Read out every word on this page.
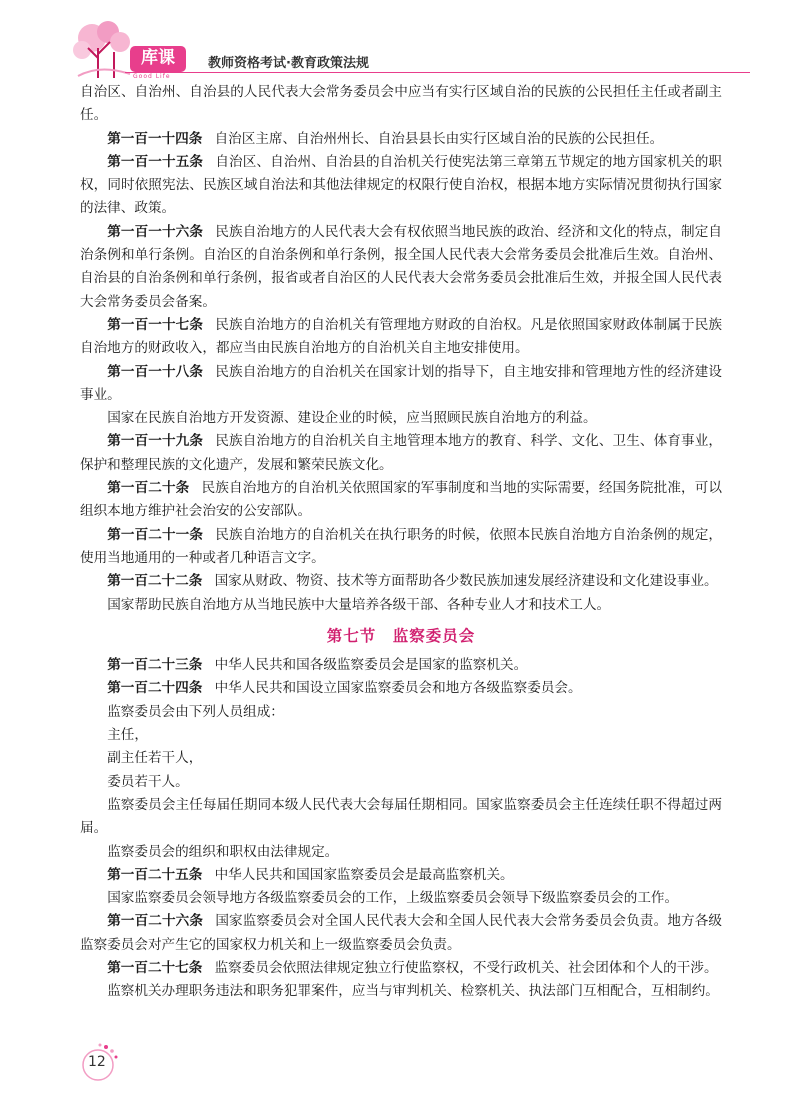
库课
Good Life
教师资格考试·教育政策法规

自治区、自治州、自治县的人民代表大会常务委员会中应当有实行区域自治的民族的公民担任主任或者副主任。

第一百一十四条 自治区主席、自治州州长、自治县县长由实行区域自治的民族的公民担任。

第一百一十五条 自治区、自治州、自治县的自治机关行使宪法第三章第五节规定的地方国家机关的职权，同时依照宪法、民族区域自治法和其他法律规定的权限行使自治权，根据本地方实际情况贯彻执行国家的法律、政策。

第一百一十六条 民族自治地方的人民代表大会有权依照当地民族的政治、经济和文化的特点，制定自治条例和单行条例。自治区的自治条例和单行条例，报全国人民代表大会常务委员会批准后生效。自治州、自治县的自治条例和单行条例，报省或者自治区的人民代表大会常务委员会批准后生效，并报全国人民代表大会常务委员会备案。

第一百一十七条 民族自治地方的自治机关有管理地方财政的自治权。凡是依照国家财政体制属于民族自治地方的财政收入，都应当由民族自治地方的自治机关自主地安排使用。

第一百一十八条 民族自治地方的自治机关在国家计划的指导下，自主地安排和管理地方性的经济建设事业。

国家在民族自治地方开发资源、建设企业的时候，应当照顾民族自治地方的利益。

第一百一十九条 民族自治地方的自治机关自主地管理本地方的教育、科学、文化、卫生、体育事业，保护和整理民族的文化遗产，发展和繁荣民族文化。

第一百二十条 民族自治地方的自治机关依照国家的军事制度和当地的实际需要，经国务院批准，可以组织本地方维护社会治安的公安部队。

第一百二十一条 民族自治地方的自治机关在执行职务的时候，依照本民族自治地方自治条例的规定，使用当地通用的一种或者几种语言文字。

第一百二十二条 国家从财政、物资、技术等方面帮助各少数民族加速发展经济建设和文化建设事业。

国家帮助民族自治地方从当地民族中大量培养各级干部、各种专业人才和技术工人。

第七节　监察委员会

第一百二十三条 中华人民共和国各级监察委员会是国家的监察机关。

第一百二十四条 中华人民共和国设立国家监察委员会和地方各级监察委员会。

监察委员会由下列人员组成：

主任，

副主任若干人，

委员若干人。

监察委员会主任每届任期同本级人民代表大会每届任期相同。国家监察委员会主任连续任职不得超过两届。

监察委员会的组织和职权由法律规定。

第一百二十五条 中华人民共和国国家监察委员会是最高监察机关。

国家监察委员会领导地方各级监察委员会的工作，上级监察委员会领导下级监察委员会的工作。

第一百二十六条 国家监察委员会对全国人民代表大会和全国人民代表大会常务委员会负责。地方各级监察委员会对产生它的国家权力机关和上一级监察委员会负责。

第一百二十七条 监察委员会依照法律规定独立行使监察权，不受行政机关、社会团体和个人的干涉。

监察机关办理职务违法和职务犯罪案件，应当与审判机关、检察机关、执法部门互相配合，互相制约。

12
